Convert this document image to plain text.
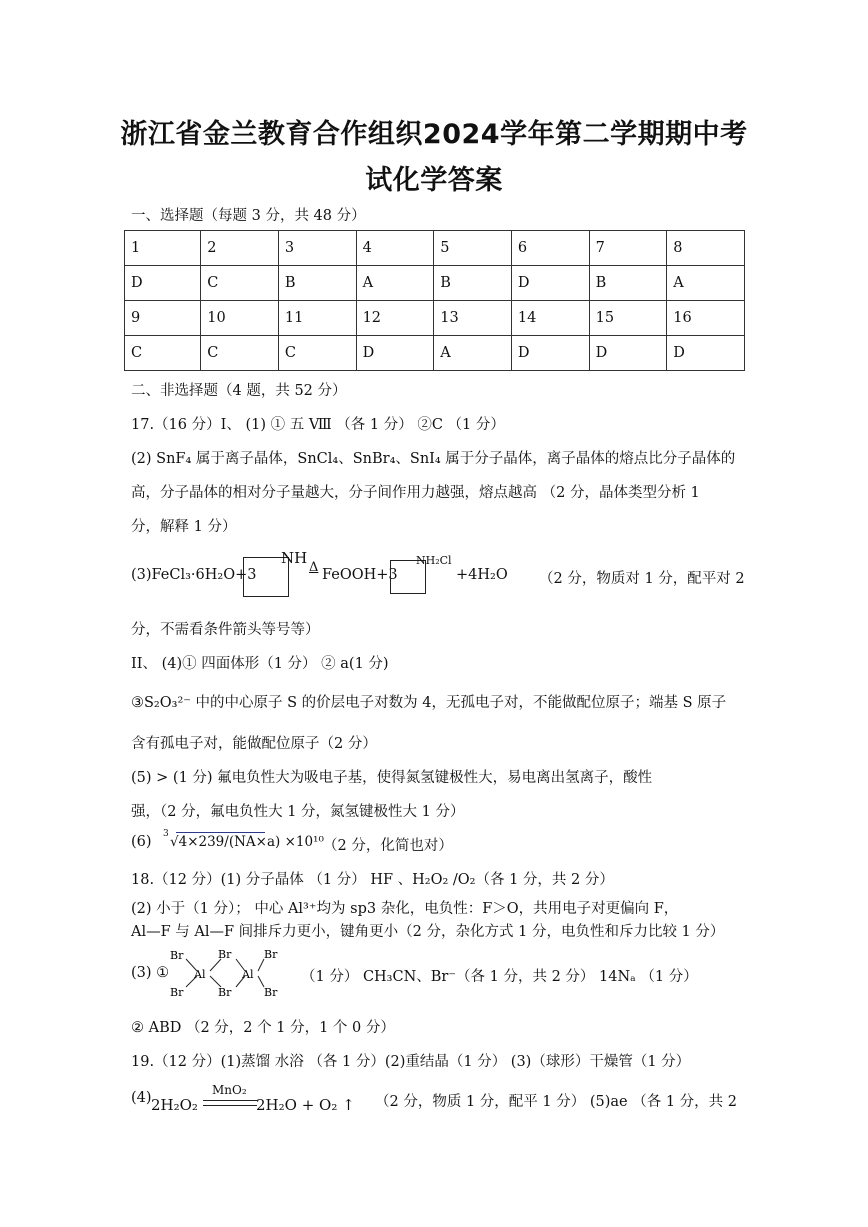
浙江省金兰教育合作组织2024学年第二学期期中考
试化学答案
一、选择题（每题 3 分，共 48 分）
1	2	3	4	5	6	7	8
D	C	B	A	B	D	B	A
9	10	11	12	13	14	15	16
C	C	C	D	A	D	D	D
二、非选择题（4 题，共 52 分）
17.（16 分）I、 (1) ① 五 Ⅷ （各 1 分） ②C （1 分）
(2) SnF₄ 属于离子晶体，SnCl₄、SnBr₄、SnI₄ 属于分子晶体，离子晶体的熔点比分子晶体的
高，分子晶体的相对分子量越大，分子间作用力越强，熔点越高 （2 分，晶体类型分析 1
分，解释 1 分）
(3)FeCl₃·6H₂O+3
NH
Δ FeOOH+3
NH₂Cl
+4H₂O （2 分，物质对 1 分，配平对 2
分，不需看条件箭头等号等）
II、 (4)① 四面体形（1 分） ② a(1 分)
③S₂O₃²⁻ 中的中心原子 S 的价层电子对数为 4，无孤电子对，不能做配位原子；端基 S 原子
含有孤电子对，能做配位原子（2 分）
(5) > (1 分) 氟电负性大为吸电子基，使得氮氢键极性大，易电离出氢离子，酸性
强，（2 分，氟电负性大 1 分，氮氢键极性大 1 分）
(6) 3 √4×239/(NA×a) ×10¹⁰ （2 分，化简也对）
18.（12 分）(1) 分子晶体 （1 分） HF 、H₂O₂ /O₂（各 1 分，共 2 分）
(2) 小于（1 分）； 中心 Al³⁺均为 sp3 杂化，电负性：F＞O，共用电子对更偏向 F，
Al—F 与 Al—F 间排斥力更小，键角更小（2 分，杂化方式 1 分，电负性和斥力比较 1 分）
(3) ①
Br
Br
Al
Br
Br
Al
Br
Br
（1 分） CH₃CN、Br⁻（各 1 分，共 2 分） 14Nₐ （1 分）
② ABD （2 分，2 个 1 分，1 个 0 分）
19.（12 分）(1)蒸馏 水浴 （各 1 分）(2)重结晶（1 分） (3)（球形）干燥管（1 分）
(4) 2H₂O₂
MnO₂
2H₂O + O₂ ↑ （2 分，物质 1 分，配平 1 分） (5)ae （各 1 分，共 2
